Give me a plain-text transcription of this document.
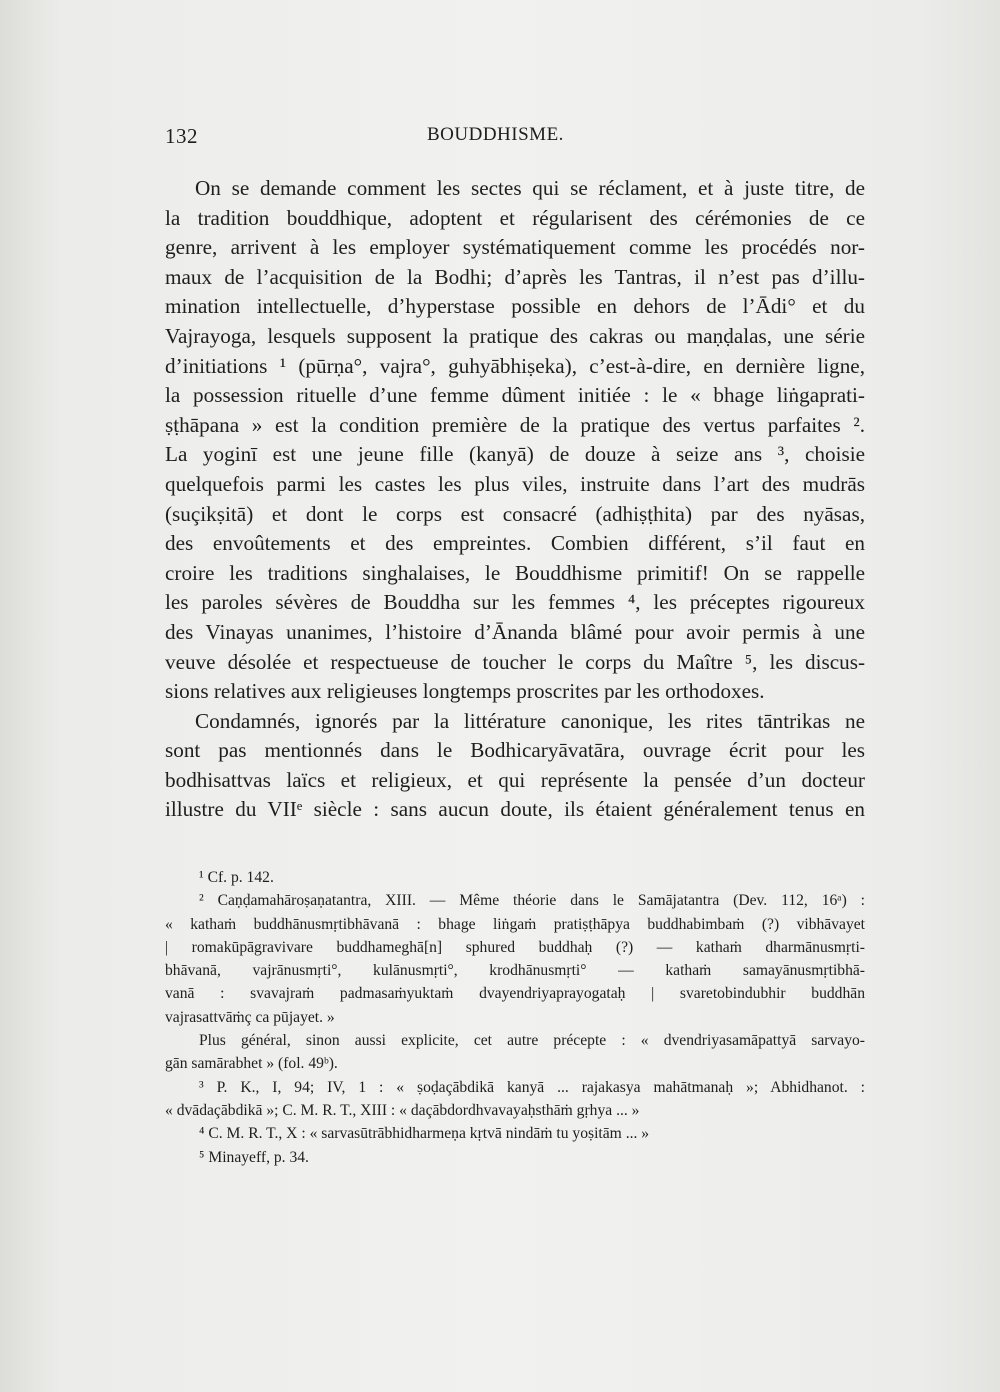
132	BOUDDHISME.
On se demande comment les sectes qui se réclament, et à juste titre, de
la tradition bouddhique, adoptent et régularisent des cérémonies de ce
genre, arrivent à les employer systématiquement comme les procédés nor-
maux de l’acquisition de la Bodhi; d’après les Tantras, il n’est pas d’illu-
mination intellectuelle, d’hyperstase possible en dehors de l’Ādi° et du
Vajrayoga, lesquels supposent la pratique des cakras ou maṇḍalas, une série
d’initiations ¹ (pūrṇa°, vajra°, guhyābhiṣeka), c’est-à-dire, en dernière ligne,
la possession rituelle d’une femme dûment initiée : le « bhage liṅgaprati-
ṣṭhāpana » est la condition première de la pratique des vertus parfaites ².
La yoginī est une jeune fille (kanyā) de douze à seize ans ³, choisie
quelquefois parmi les castes les plus viles, instruite dans l’art des mudrās
(suçikṣitā) et dont le corps est consacré (adhiṣṭhita) par des nyāsas,
des envoûtements et des empreintes. Combien différent, s’il faut en
croire les traditions singhalaises, le Bouddhisme primitif! On se rappelle
les paroles sévères de Bouddha sur les femmes ⁴, les préceptes rigoureux
des Vinayas unanimes, l’histoire d’Ānanda blâmé pour avoir permis à une
veuve désolée et respectueuse de toucher le corps du Maître ⁵, les discus-
sions relatives aux religieuses longtemps proscrites par les orthodoxes.
Condamnés, ignorés par la littérature canonique, les rites tāntrikas ne
sont pas mentionnés dans le Bodhicaryāvatāra, ouvrage écrit pour les
bodhisattvas laïcs et religieux, et qui représente la pensée d’un docteur
illustre du VIIᵉ siècle : sans aucun doute, ils étaient généralement tenus en
¹ Cf. p. 142.
² Caṇḍamahāroṣaṇatantra, XIII. — Même théorie dans le Samājatantra (Dev. 112, 16ᵃ) :
« kathaṁ buddhānusmṛtibhāvanā : bhage liṅgaṁ pratiṣṭhāpya buddhabimbaṁ (?) vibhāvayet
| romakūpāgravivare buddhameghā[n] sphured buddhaḥ (?) — kathaṁ dharmānusmṛti-
bhāvanā, vajrānusmṛti°, kulānusmṛti°, krodhānusmṛti° — kathaṁ samayānusmṛtibhā-
vanā : svavajraṁ padmasaṁyuktaṁ dvayendriyaprayogataḥ | svaretobindubhir buddhān
vajrasattvāṁç ca pūjayet. »
Plus général, sinon aussi explicite, cet autre précepte : « dvendriyasamāpattyā sarvayo-
gān samārabhet » (fol. 49ᵇ).
³ P. K., I, 94; IV, 1 : « ṣoḍaçābdikā kanyā ... rajakasya mahātmanaḥ »; Abhidhanot. :
« dvādaçābdikā »; C. M. R. T., XIII : « daçābdordhvavayaḥsthāṁ gṛhya ... »
⁴ C. M. R. T., X : « sarvasūtrābhidharmeṇa kṛtvā nindāṁ tu yoṣitām ... »
⁵ Minayeff, p. 34.
